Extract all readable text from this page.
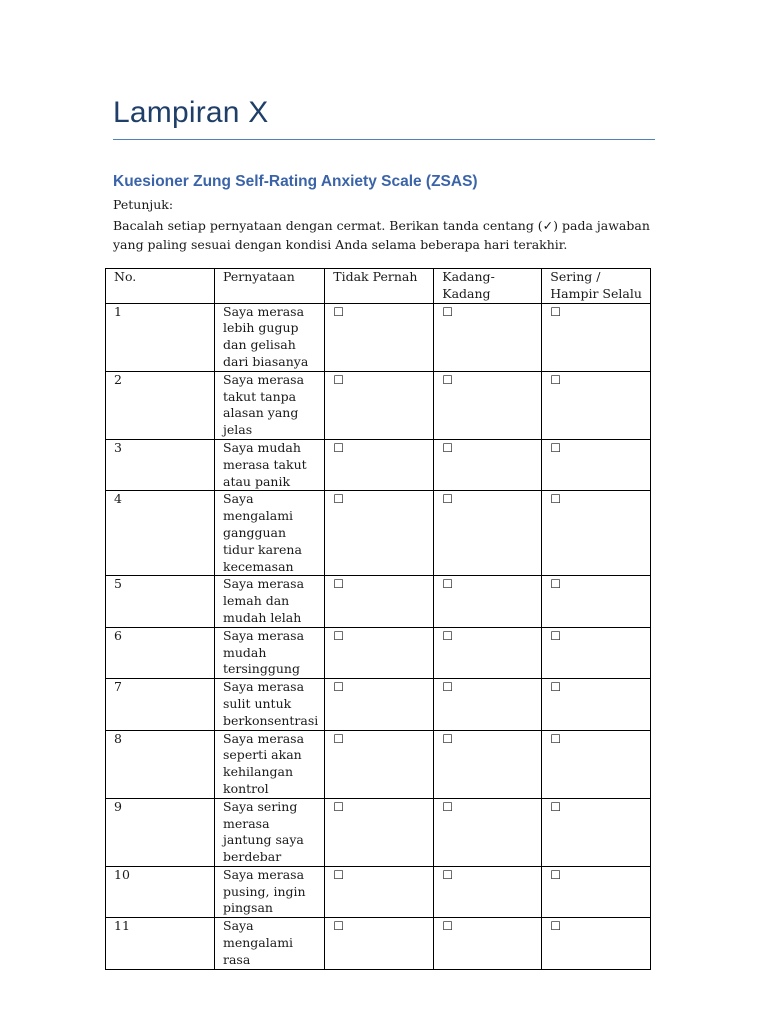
Lampiran X
Kuesioner Zung Self-Rating Anxiety Scale (ZSAS)
Petunjuk:
Bacalah setiap pernyataan dengan cermat. Berikan tanda centang (✓) pada jawaban yang paling sesuai dengan kondisi Anda selama beberapa hari terakhir.
No.	Pernyataan	Tidak Pernah	Kadang-Kadang	Sering / Hampir Selalu
1	Saya merasa lebih gugup dan gelisah dari biasanya	☐	☐	☐
2	Saya merasa takut tanpa alasan yang jelas	☐	☐	☐
3	Saya mudah merasa takut atau panik	☐	☐	☐
4	Saya mengalami gangguan tidur karena kecemasan	☐	☐	☐
5	Saya merasa lemah dan mudah lelah	☐	☐	☐
6	Saya merasa mudah tersinggung	☐	☐	☐
7	Saya merasa sulit untuk berkonsentrasi	☐	☐	☐
8	Saya merasa seperti akan kehilangan kontrol	☐	☐	☐
9	Saya sering merasa jantung saya berdebar	☐	☐	☐
10	Saya merasa pusing, ingin pingsan	☐	☐	☐
11	Saya mengalami rasa	☐	☐	☐
